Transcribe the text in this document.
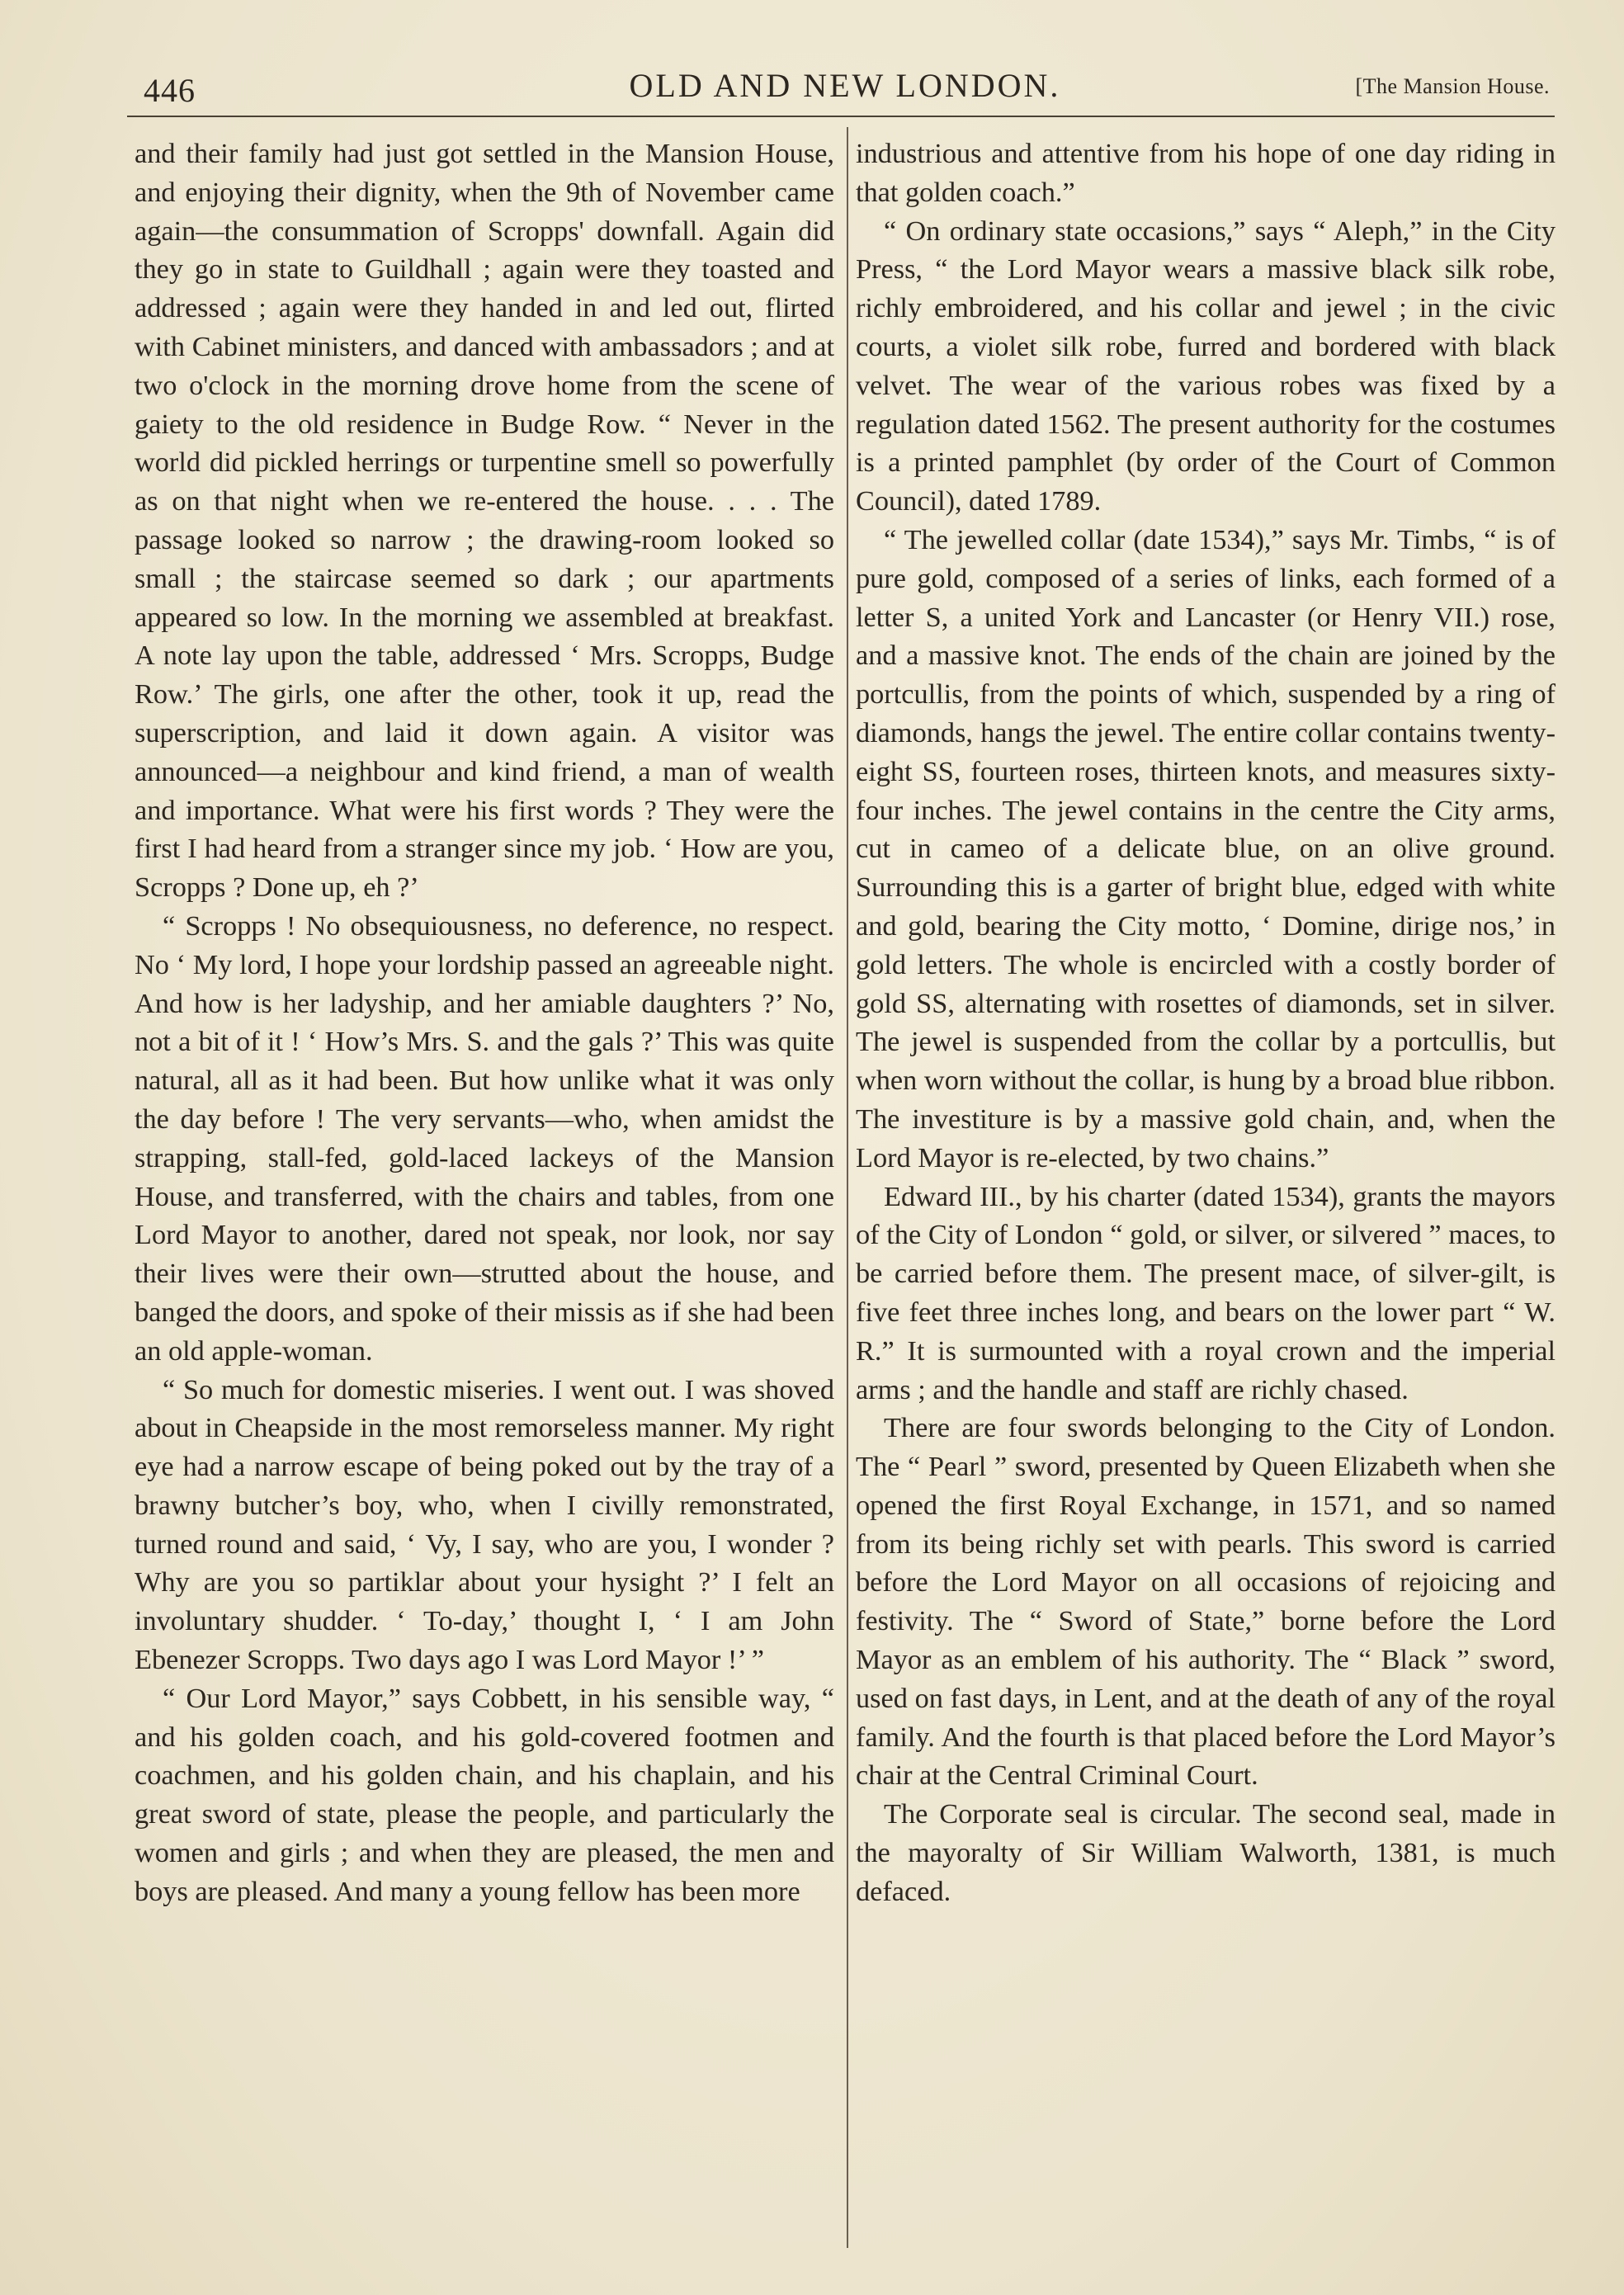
446	OLD AND NEW LONDON.	[The Mansion House.

and their family had just got settled in the Mansion House, and enjoying their dignity, when the 9th of November came again—the consummation of Scropps' downfall. Again did they go in state to Guildhall ; again were they toasted and addressed ; again were they handed in and led out, flirted with Cabinet ministers, and danced with ambassadors ; and at two o'clock in the morning drove home from the scene of gaiety to the old residence in Budge Row. “ Never in the world did pickled herrings or turpentine smell so powerfully as on that night when we re-entered the house. . . . The passage looked so narrow ; the drawing-room looked so small ; the staircase seemed so dark ; our apartments appeared so low. In the morning we assembled at breakfast. A note lay upon the table, addressed ‘ Mrs. Scropps, Budge Row.’ The girls, one after the other, took it up, read the superscription, and laid it down again. A visitor was announced—a neighbour and kind friend, a man of wealth and importance. What were his first words ? They were the first I had heard from a stranger since my job. ‘ How are you, Scropps ? Done up, eh ?’

“ Scropps ! No obsequiousness, no deference, no respect. No ‘ My lord, I hope your lordship passed an agreeable night. And how is her ladyship, and her amiable daughters ?’ No, not a bit of it ! ‘ How’s Mrs. S. and the gals ?’ This was quite natural, all as it had been. But how unlike what it was only the day before ! The very servants—who, when amidst the strapping, stall-fed, gold-laced lackeys of the Mansion House, and transferred, with the chairs and tables, from one Lord Mayor to another, dared not speak, nor look, nor say their lives were their own—strutted about the house, and banged the doors, and spoke of their missis as if she had been an old apple-woman.

“ So much for domestic miseries. I went out. I was shoved about in Cheapside in the most remorseless manner. My right eye had a narrow escape of being poked out by the tray of a brawny butcher’s boy, who, when I civilly remonstrated, turned round and said, ‘ Vy, I say, who are you, I wonder ? Why are you so partiklar about your hysight ?’ I felt an involuntary shudder. ‘ To-day,’ thought I, ‘ I am John Ebenezer Scropps. Two days ago I was Lord Mayor !’ ”

“ Our Lord Mayor,” says Cobbett, in his sensible way, “ and his golden coach, and his gold-covered footmen and coachmen, and his golden chain, and his chaplain, and his great sword of state, please the people, and particularly the women and girls ; and when they are pleased, the men and boys are pleased. And many a young fellow has been more

industrious and attentive from his hope of one day riding in that golden coach.”

“ On ordinary state occasions,” says “ Aleph,” in the City Press, “ the Lord Mayor wears a massive black silk robe, richly embroidered, and his collar and jewel ; in the civic courts, a violet silk robe, furred and bordered with black velvet. The wear of the various robes was fixed by a regulation dated 1562. The present authority for the costumes is a printed pamphlet (by order of the Court of Common Council), dated 1789.

“ The jewelled collar (date 1534),” says Mr. Timbs, “ is of pure gold, composed of a series of links, each formed of a letter S, a united York and Lancaster (or Henry VII.) rose, and a massive knot. The ends of the chain are joined by the portcullis, from the points of which, suspended by a ring of diamonds, hangs the jewel. The entire collar contains twenty-eight SS, fourteen roses, thirteen knots, and measures sixty-four inches. The jewel contains in the centre the City arms, cut in cameo of a delicate blue, on an olive ground. Surrounding this is a garter of bright blue, edged with white and gold, bearing the City motto, ‘ Domine, dirige nos,’ in gold letters. The whole is encircled with a costly border of gold SS, alternating with rosettes of diamonds, set in silver. The jewel is suspended from the collar by a portcullis, but when worn without the collar, is hung by a broad blue ribbon. The investiture is by a massive gold chain, and, when the Lord Mayor is re-elected, by two chains.”

Edward III., by his charter (dated 1534), grants the mayors of the City of London “ gold, or silver, or silvered ” maces, to be carried before them. The present mace, of silver-gilt, is five feet three inches long, and bears on the lower part “ W. R.” It is surmounted with a royal crown and the imperial arms ; and the handle and staff are richly chased.

There are four swords belonging to the City of London. The “ Pearl ” sword, presented by Queen Elizabeth when she opened the first Royal Exchange, in 1571, and so named from its being richly set with pearls. This sword is carried before the Lord Mayor on all occasions of rejoicing and festivity. The “ Sword of State,” borne before the Lord Mayor as an emblem of his authority. The “ Black ” sword, used on fast days, in Lent, and at the death of any of the royal family. And the fourth is that placed before the Lord Mayor’s chair at the Central Criminal Court.

The Corporate seal is circular. The second seal, made in the mayoralty of Sir William Walworth, 1381, is much defaced.
